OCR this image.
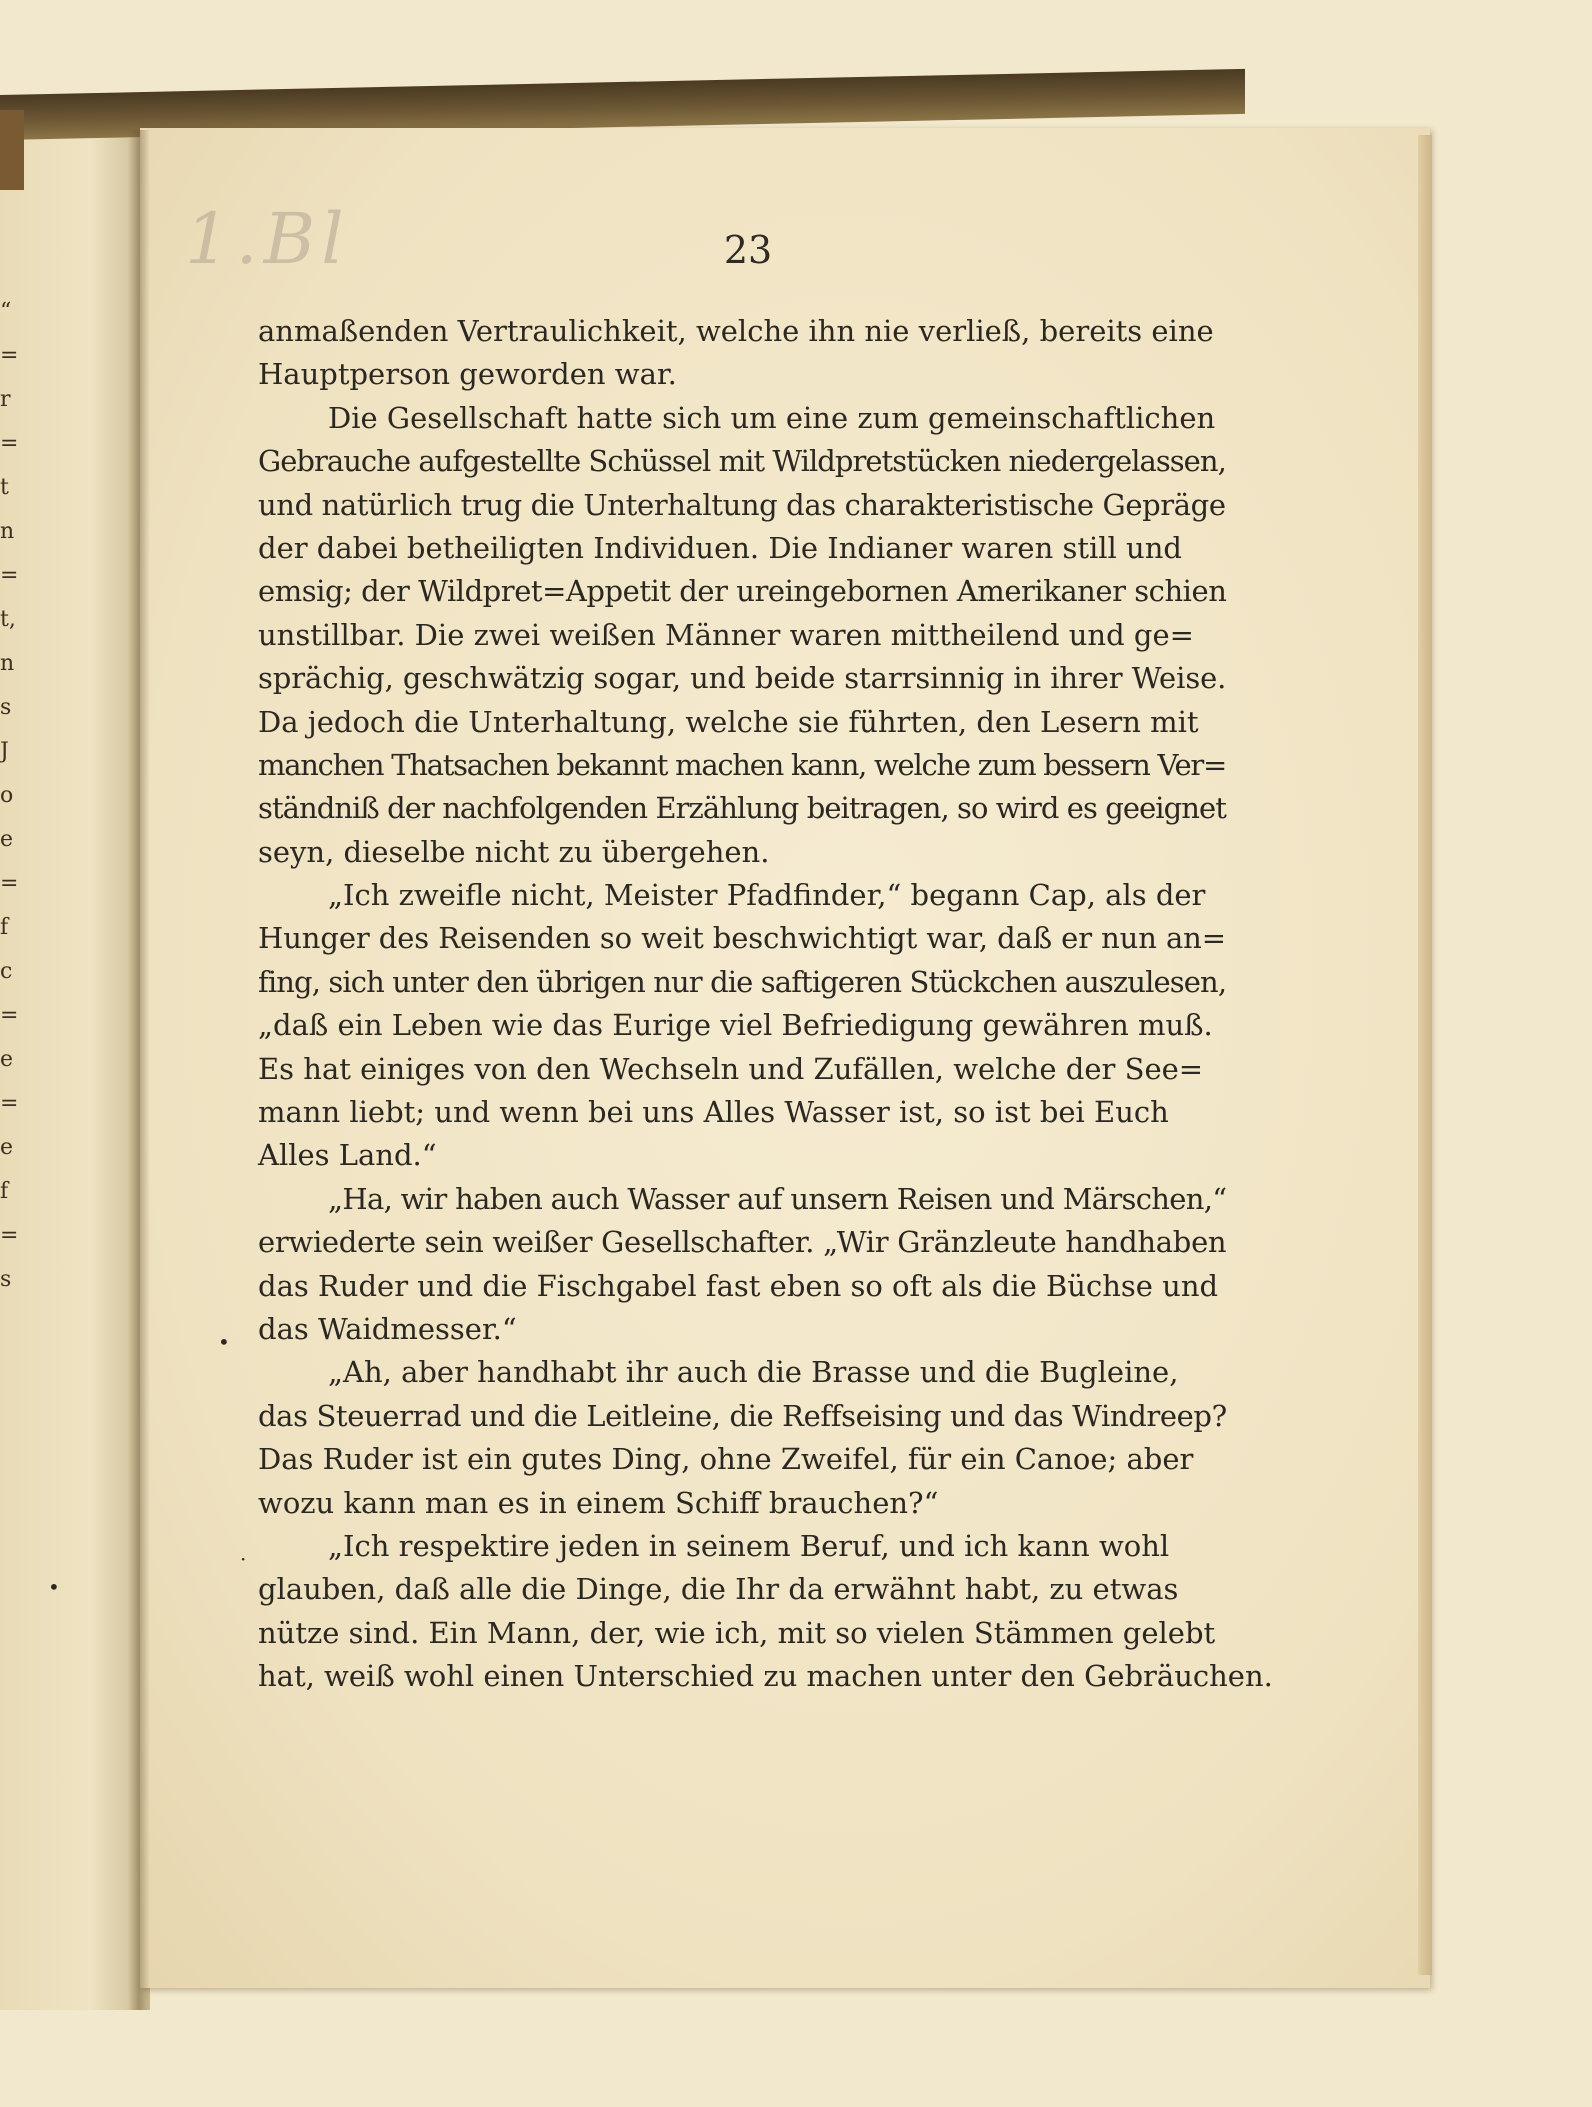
1.Bl
“
=
r
=
t
n
=
t,
n
s
J
o
e
=
f
c
=
e
=
e
f
=
s
23
anmaßenden Vertraulichkeit, welche ihn nie verließ, bereits eine
Hauptperson geworden war.
Die Gesellschaft hatte sich um eine zum gemeinschaftlichen
Gebrauche aufgestellte Schüssel mit Wildpretstücken niedergelassen,
und natürlich trug die Unterhaltung das charakteristische Gepräge
der dabei betheiligten Individuen. Die Indianer waren still und
emsig; der Wildpret=Appetit der ureingebornen Amerikaner schien
unstillbar. Die zwei weißen Männer waren mittheilend und ge=
sprächig, geschwätzig sogar, und beide starrsinnig in ihrer Weise.
Da jedoch die Unterhaltung, welche sie führten, den Lesern mit
manchen Thatsachen bekannt machen kann, welche zum bessern Ver=
ständniß der nachfolgenden Erzählung beitragen, so wird es geeignet
seyn, dieselbe nicht zu übergehen.
„Ich zweifle nicht, Meister Pfadfinder,“ begann Cap, als der
Hunger des Reisenden so weit beschwichtigt war, daß er nun an=
fing, sich unter den übrigen nur die saftigeren Stückchen auszulesen,
„daß ein Leben wie das Eurige viel Befriedigung gewähren muß.
Es hat einiges von den Wechseln und Zufällen, welche der See=
mann liebt; und wenn bei uns Alles Wasser ist, so ist bei Euch
Alles Land.“
„Ha, wir haben auch Wasser auf unsern Reisen und Märschen,“
erwiederte sein weißer Gesellschafter. „Wir Gränzleute handhaben
das Ruder und die Fischgabel fast eben so oft als die Büchse und
das Waidmesser.“
„Ah, aber handhabt ihr auch die Brasse und die Bugleine,
das Steuerrad und die Leitleine, die Reffseising und das Windreep?
Das Ruder ist ein gutes Ding, ohne Zweifel, für ein Canoe; aber
wozu kann man es in einem Schiff brauchen?“
„Ich respektire jeden in seinem Beruf, und ich kann wohl
glauben, daß alle die Dinge, die Ihr da erwähnt habt, zu etwas
nütze sind. Ein Mann, der, wie ich, mit so vielen Stämmen gelebt
hat, weiß wohl einen Unterschied zu machen unter den Gebräuchen.
•
·
•
